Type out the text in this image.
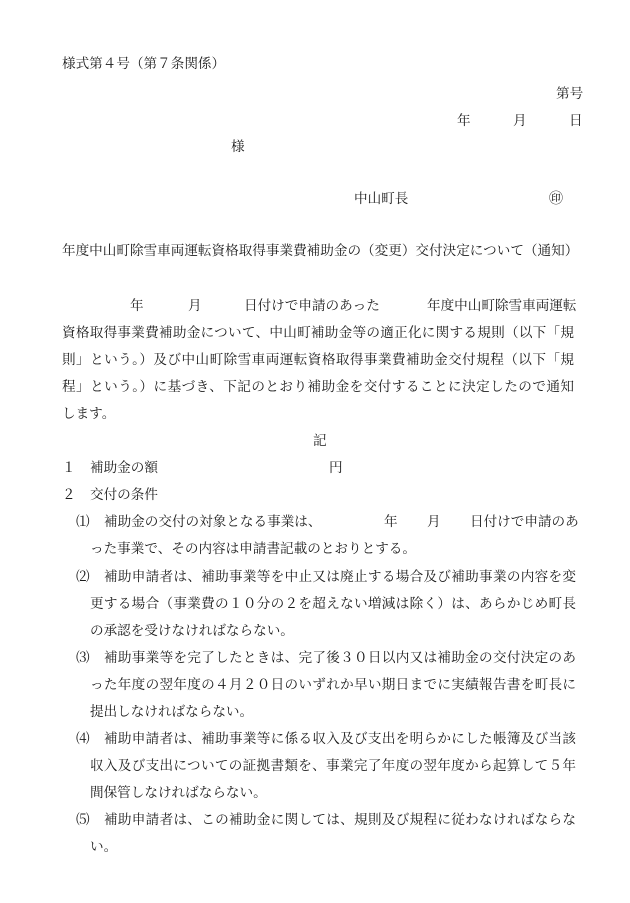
様式第４号（第７条関係）
第号
年	月	日
様
中山町長	㊞
年度中山町除雪車両運転資格取得事業費補助金の（変更）交付決定について（通知）
年	月	日付けで申請のあった	年度中山町除雪車両運転
資格取得事業費補助金について、中山町補助金等の適正化に関する規則（以下「規
則」という。）及び中山町除雪車両運転資格取得事業費補助金交付規程（以下「規
程」という。）に基づき、下記のとおり補助金を交付することに決定したので通知
します。
記
１ 補助金の額	円
２ 交付の条件
⑴ 補助金の交付の対象となる事業は、	年 月 日付けで申請のあ
った事業で、その内容は申請書記載のとおりとする。
⑵ 補助申請者は、補助事業等を中止又は廃止する場合及び補助事業の内容を変
更する場合（事業費の１０分の２を超えない増減は除く）は、あらかじめ町長
の承認を受けなければならない。
⑶ 補助事業等を完了したときは、完了後３０日以内又は補助金の交付決定のあ
った年度の翌年度の４月２０日のいずれか早い期日までに実績報告書を町長に
提出しなければならない。
⑷ 補助申請者は、補助事業等に係る収入及び支出を明らかにした帳簿及び当該
収入及び支出についての証拠書類を、事業完了年度の翌年度から起算して５年
間保管しなければならない。
⑸ 補助申請者は、この補助金に関しては、規則及び規程に従わなければならな
い。
